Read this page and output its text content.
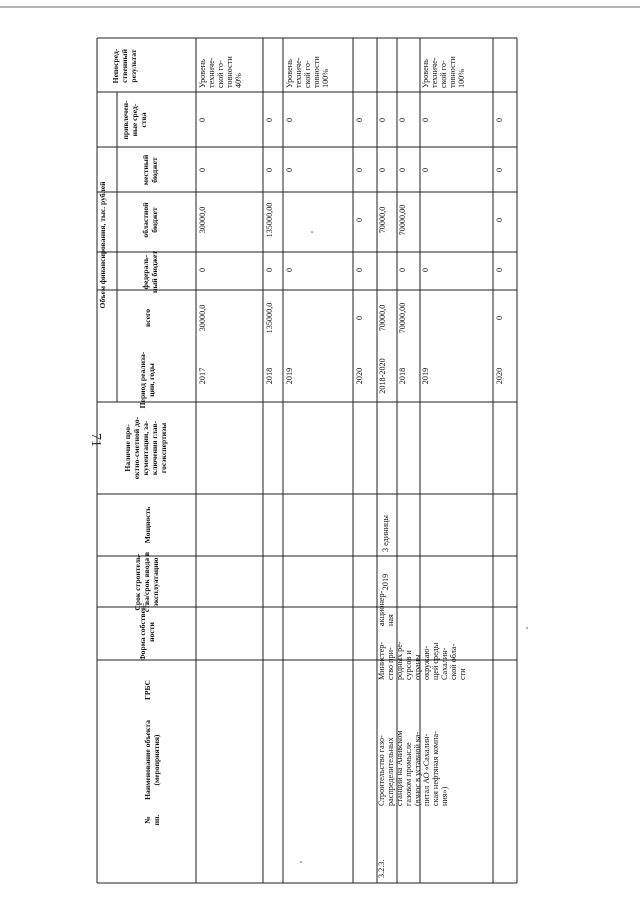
71
№пп.
Наименование объекта(мероприятия)
ГРБС
Форма собствен-ности
Срок строитель-ства/срок ввода вэксплуатацию
Мощность
Наличие про-ектно-сметной до-кументации, за-ключения глав-госэкспертизы
Период реализа-ции, годы
Объем финансирования, тыс. рублей
всего
федераль-ный бюджет
областнойбюджет
местныйбюджет
привлечен-ные сред-ства
Непосред-ственныйрезультат
2017
30000,0
0
30000,0
0
0
Уровеньтехниче-ской го-товности40%
2018
135000,0
0
135000,00
0
0
2019
0
0
0
Уровеньтехниче-ской го-товности100%
2020
0
0
0
0
0
2018-2020
70000,0
70000,0
0
0
2018
70000,00
0
70000,00
0
0
2019
0
0
0
Уровеньтехниче-ской го-товности100%
2020
0
0
0
0
0
3.2.3.
Строительство газо-распределительныхстанций на Анивскомгазовом промысле(взнос в уставной ка-питал АО «Сахалин-ская нефтяная компа-ния»)
Министер-ство при-родных ре-сурсов иохраныокружаю-щей средыСахалин-ской обла-сти
акционер-ная
2019
3 единицы
